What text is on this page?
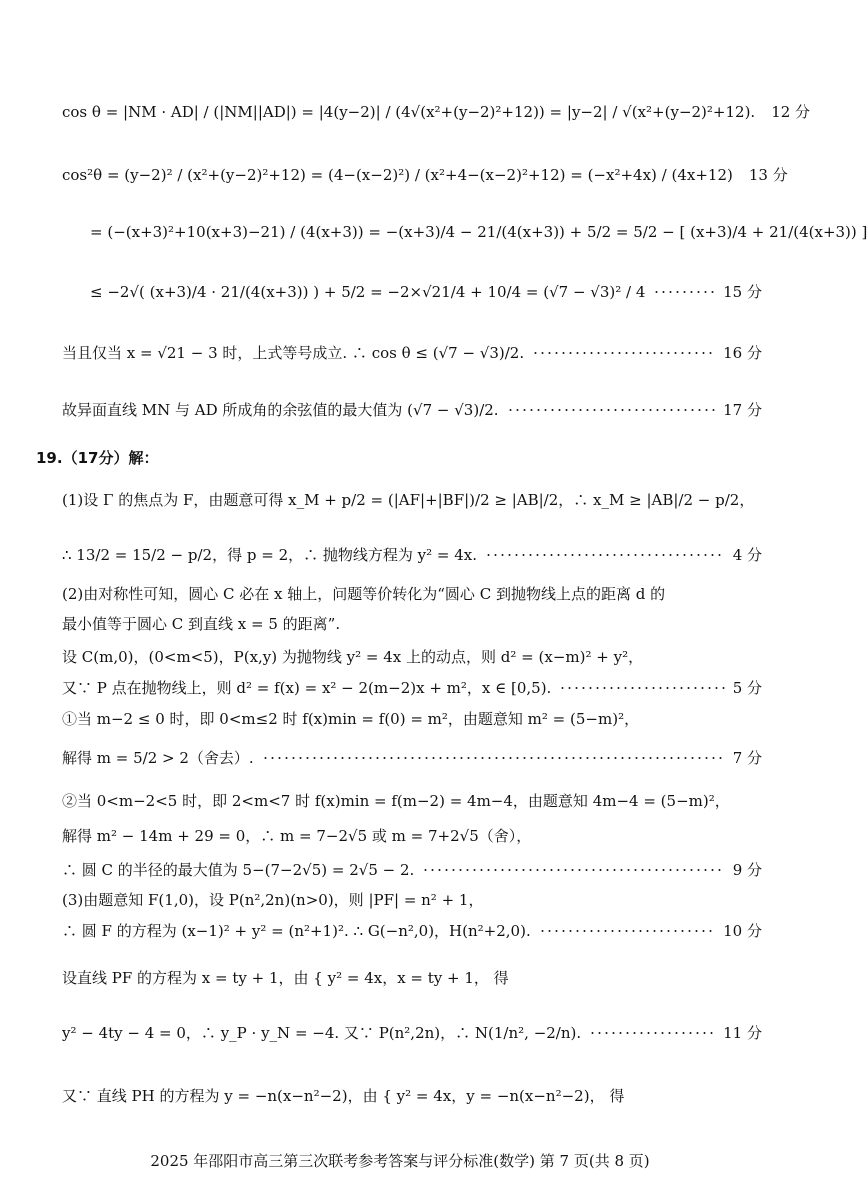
cos θ = |NM · AD| / (|NM||AD|) = |4(y−2)| / (4√(x²+(y−2)²+12)) = |y−2| / √(x²+(y−2)²+12). 12 分
cos²θ = (y−2)² / (x²+(y−2)²+12) = (4−(x−2)²) / (x²+4−(x−2)²+12) = (−x²+4x) / (4x+12) 13 分
= (−(x+3)²+10(x+3)−21) / (4(x+3)) = −(x+3)/4 − 21/(4(x+3)) + 5/2 = 5/2 − [ (x+3)/4 + 21/(4(x+3)) ]
≤ −2√( (x+3)/4 · 21/(4(x+3)) ) + 5/2 = −2×√21/4 + 10/4 = (√7 − √3)² / 4	15 分
当且仅当 x = √21 − 3 时，上式等号成立. ∴ cos θ ≤ (√7 − √3)/2.	16 分
故异面直线 MN 与 AD 所成角的余弦值的最大值为 (√7 − √3)/2.	17 分
19.（17分）解：
(1)设 Γ 的焦点为 F，由题意可得 x_M + p/2 = (|AF|+|BF|)/2 ≥ |AB|/2，∴ x_M ≥ |AB|/2 − p/2，
∴ 13/2 = 15/2 − p/2，得 p = 2，∴ 抛物线方程为 y² = 4x.	4 分
(2)由对称性可知，圆心 C 必在 x 轴上，问题等价转化为“圆心 C 到抛物线上点的距离 d 的
最小值等于圆心 C 到直线 x = 5 的距离”.
设 C(m,0)，(0<m<5)，P(x,y) 为抛物线 y² = 4x 上的动点，则 d² = (x−m)² + y²，
又∵ P 点在抛物线上，则 d² = f(x) = x² − 2(m−2)x + m²，x ∈ [0,5).	5 分
①当 m−2 ≤ 0 时，即 0<m≤2 时 f(x)min = f(0) = m²，由题意知 m² = (5−m)²，
解得 m = 5/2 > 2（舍去）.	7 分
②当 0<m−2<5 时，即 2<m<7 时 f(x)min = f(m−2) = 4m−4，由题意知 4m−4 = (5−m)²，
解得 m² − 14m + 29 = 0，∴ m = 7−2√5 或 m = 7+2√5（舍），
∴ 圆 C 的半径的最大值为 5−(7−2√5) = 2√5 − 2.	9 分
(3)由题意知 F(1,0)，设 P(n²,2n)(n>0)，则 |PF| = n² + 1，
∴ 圆 F 的方程为 (x−1)² + y² = (n²+1)². ∴ G(−n²,0)，H(n²+2,0).	10 分
设直线 PF 的方程为 x = ty + 1，由 { y² = 4x，x = ty + 1， 得
y² − 4ty − 4 = 0，∴ y_P · y_N = −4. 又∵ P(n²,2n)，∴ N(1/n², −2/n).	11 分
又∵ 直线 PH 的方程为 y = −n(x−n²−2)，由 { y² = 4x，y = −n(x−n²−2)， 得
2025 年邵阳市高三第三次联考参考答案与评分标准(数学) 第 7 页(共 8 页)
